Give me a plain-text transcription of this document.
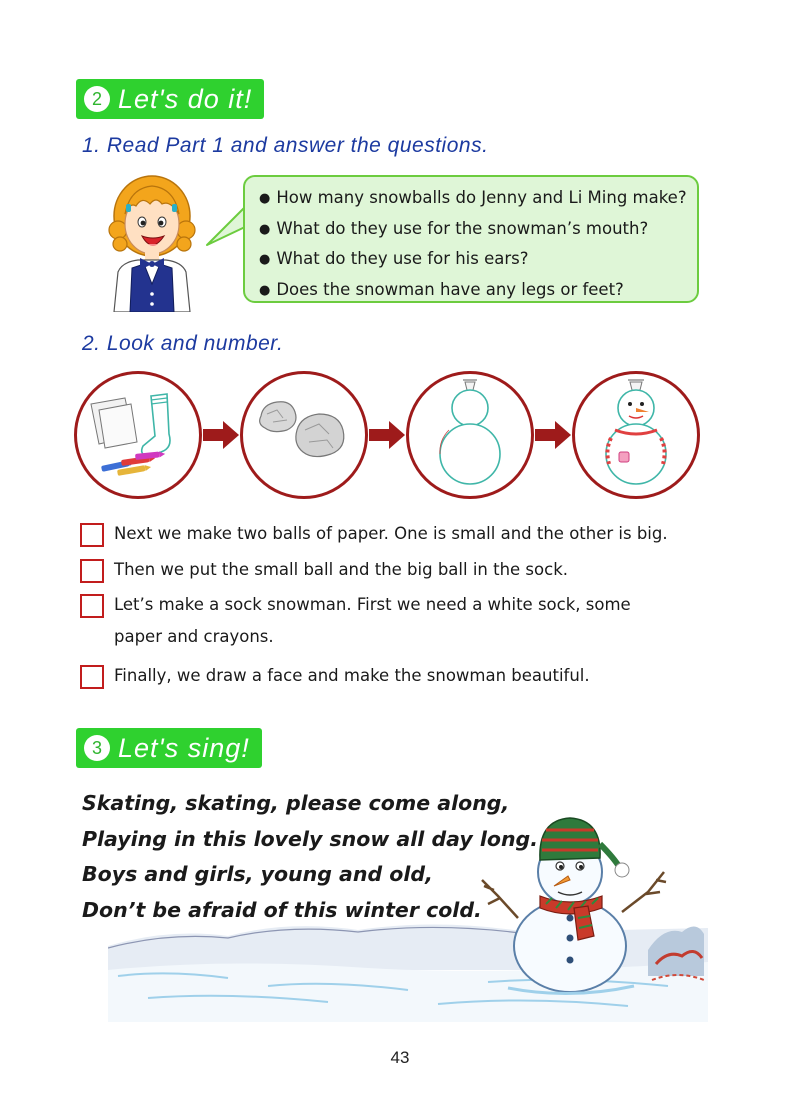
2 Let's do it!
1. Read Part 1 and answer the questions.
● How many snowballs do Jenny and Li Ming make?
● What do they use for the snowman’s mouth?
● What do they use for his ears?
● Does the snowman have any legs or feet?
2. Look and number.
Next we make two balls of paper. One is small and the other is big.
Then we put the small ball and the big ball in the sock.
Let’s make a sock snowman. First we need a white sock, some paper and crayons.
Finally, we draw a face and make the snowman beautiful.
3 Let's sing!
Skating, skating, please come along,
Playing in this lovely snow all day long.
Boys and girls, young and old,
Don’t be afraid of this winter cold.
43
